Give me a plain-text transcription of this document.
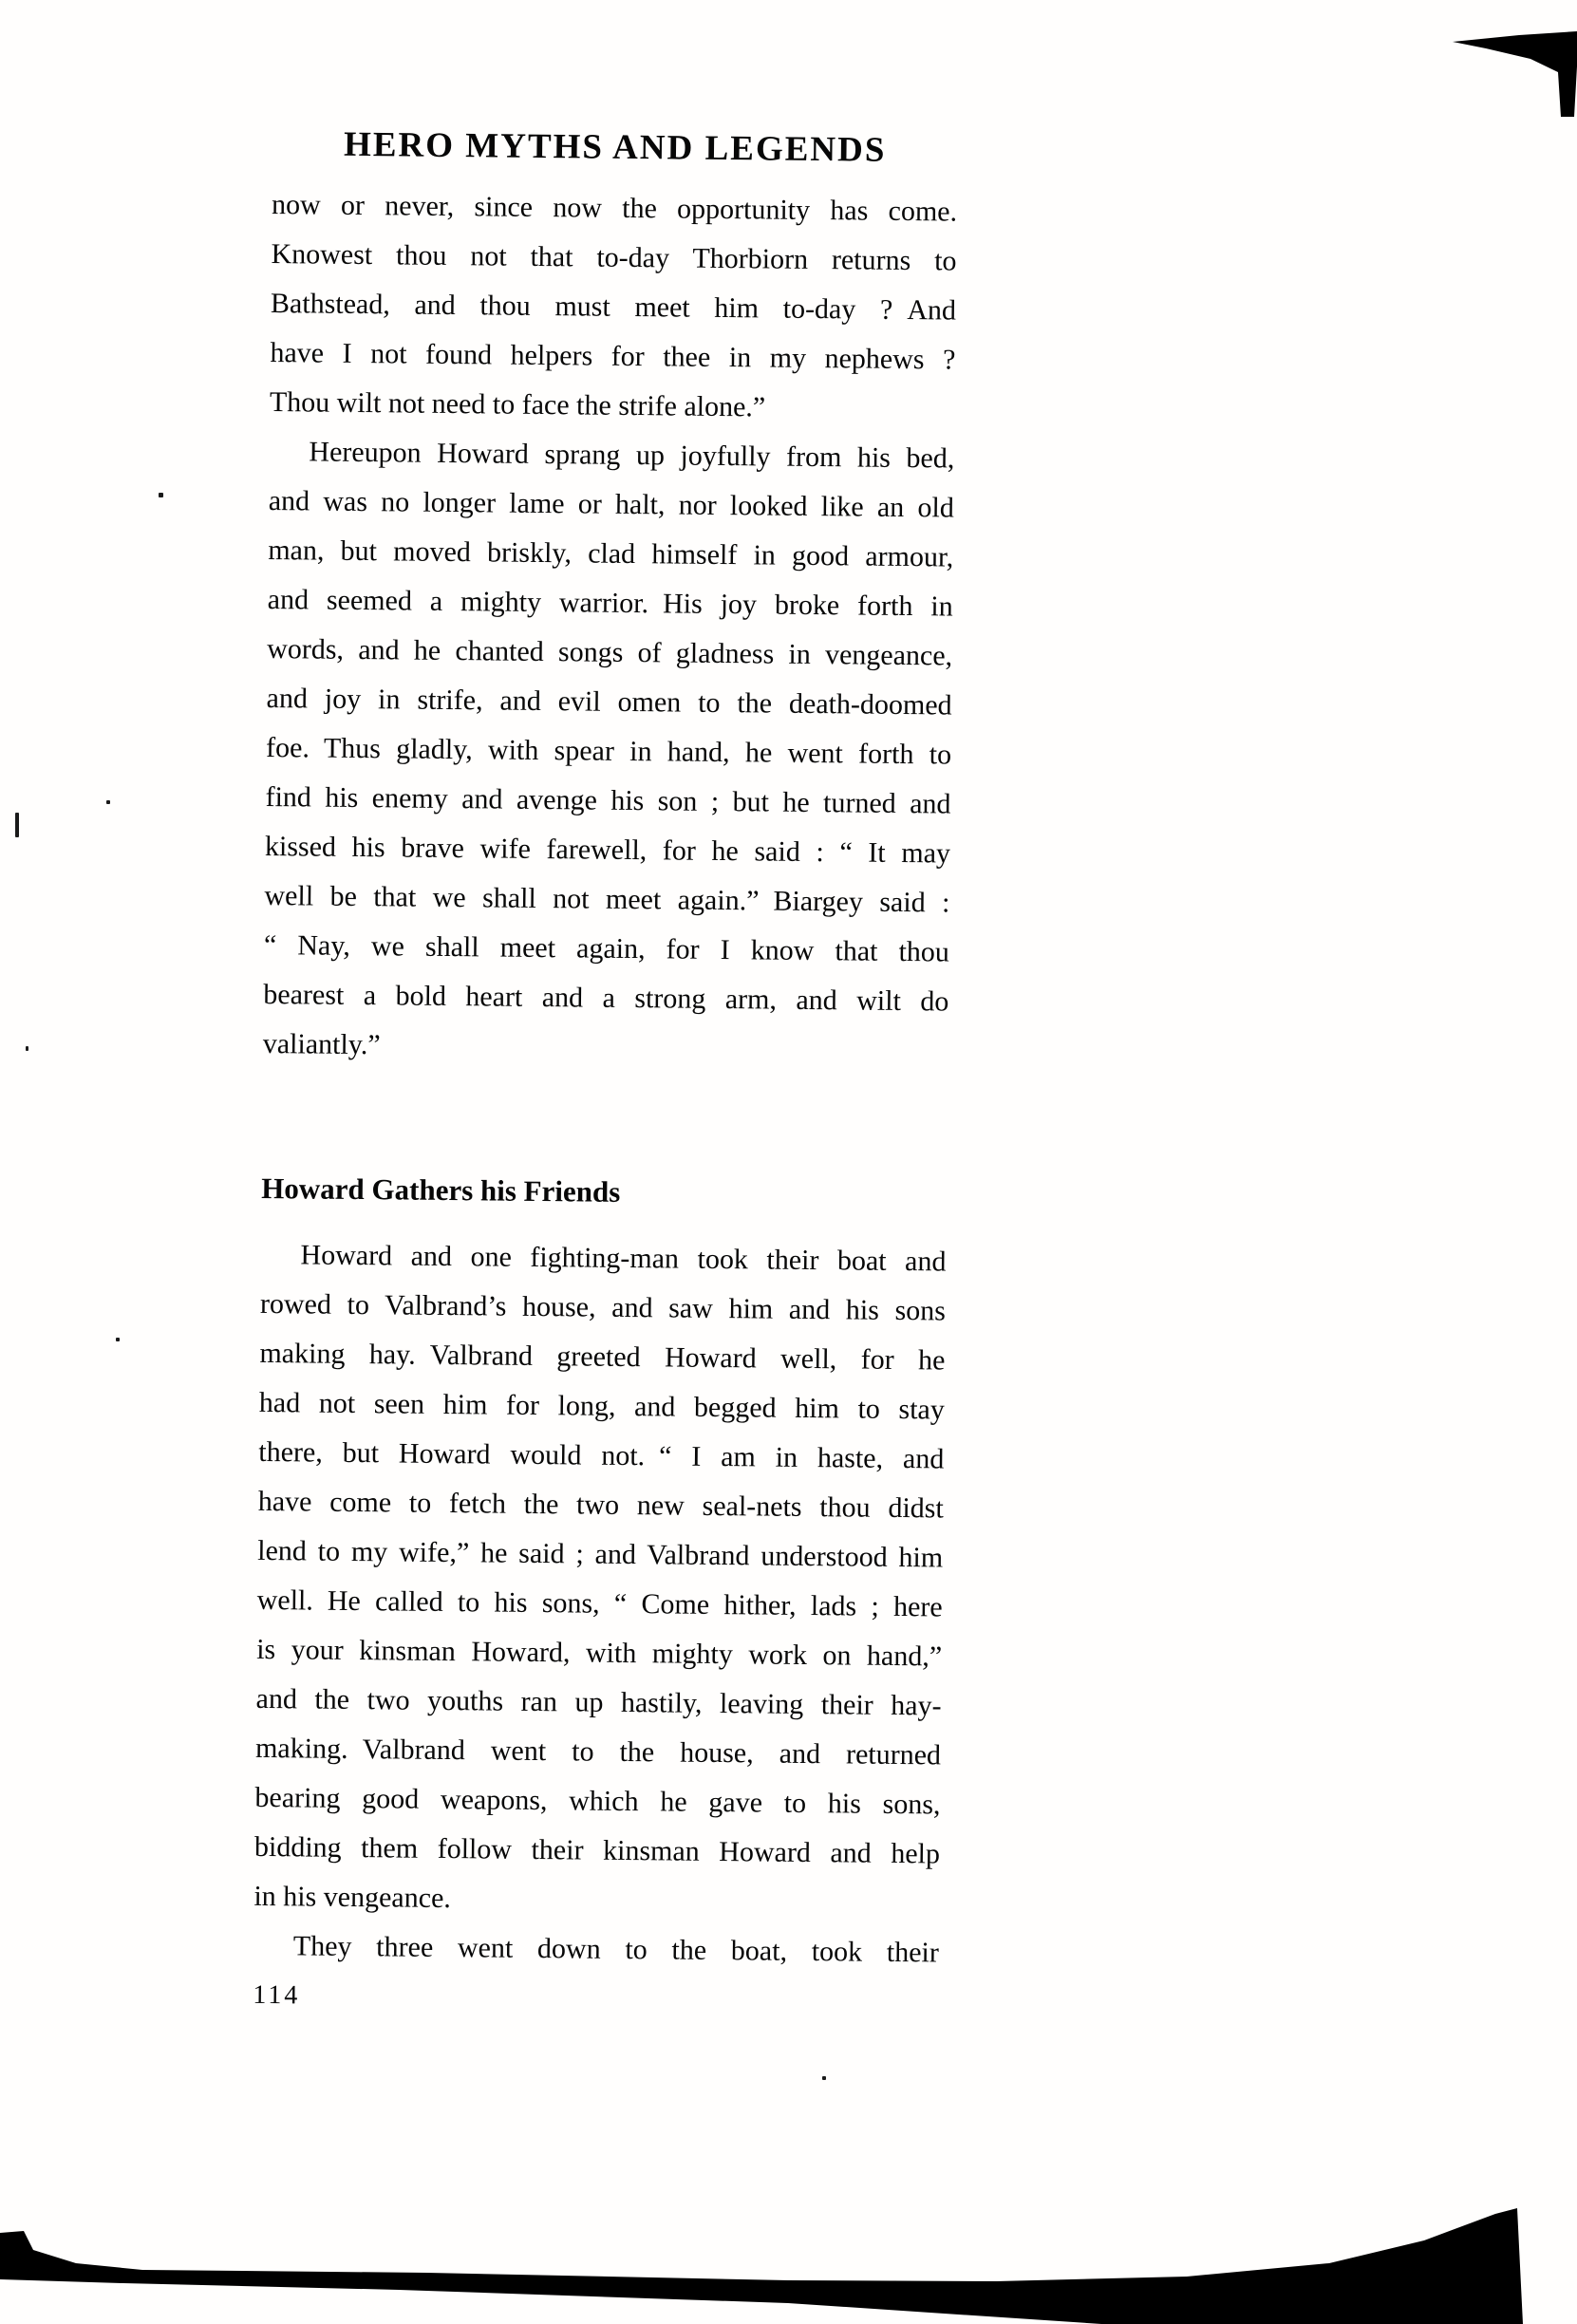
HERO MYTHS AND LEGENDS
now or never, since now the opportunity has come.
Knowest thou not that to-day Thorbiorn returns to
Bathstead, and thou must meet him to-day ? And
have I not found helpers for thee in my nephews ?
Thou wilt not need to face the strife alone.”
Hereupon Howard sprang up joyfully from his bed,
and was no longer lame or halt, nor looked like an old
man, but moved briskly, clad himself in good armour,
and seemed a mighty warrior. His joy broke forth in
words, and he chanted songs of gladness in vengeance,
and joy in strife, and evil omen to the death-doomed
foe. Thus gladly, with spear in hand, he went forth to
find his enemy and avenge his son ; but he turned and
kissed his brave wife farewell, for he said : “ It may
well be that we shall not meet again.” Biargey said :
“ Nay, we shall meet again, for I know that thou
bearest a bold heart and a strong arm, and wilt do
valiantly.”
Howard Gathers his Friends
Howard and one fighting-man took their boat and
rowed to Valbrand’s house, and saw him and his sons
making hay. Valbrand greeted Howard well, for he
had not seen him for long, and begged him to stay
there, but Howard would not. “ I am in haste, and
have come to fetch the two new seal-nets thou didst
lend to my wife,” he said ; and Valbrand understood him
well. He called to his sons, “ Come hither, lads ; here
is your kinsman Howard, with mighty work on hand,”
and the two youths ran up hastily, leaving their hay-
making. Valbrand went to the house, and returned
bearing good weapons, which he gave to his sons,
bidding them follow their kinsman Howard and help
in his vengeance.
They three went down to the boat, took their
114
